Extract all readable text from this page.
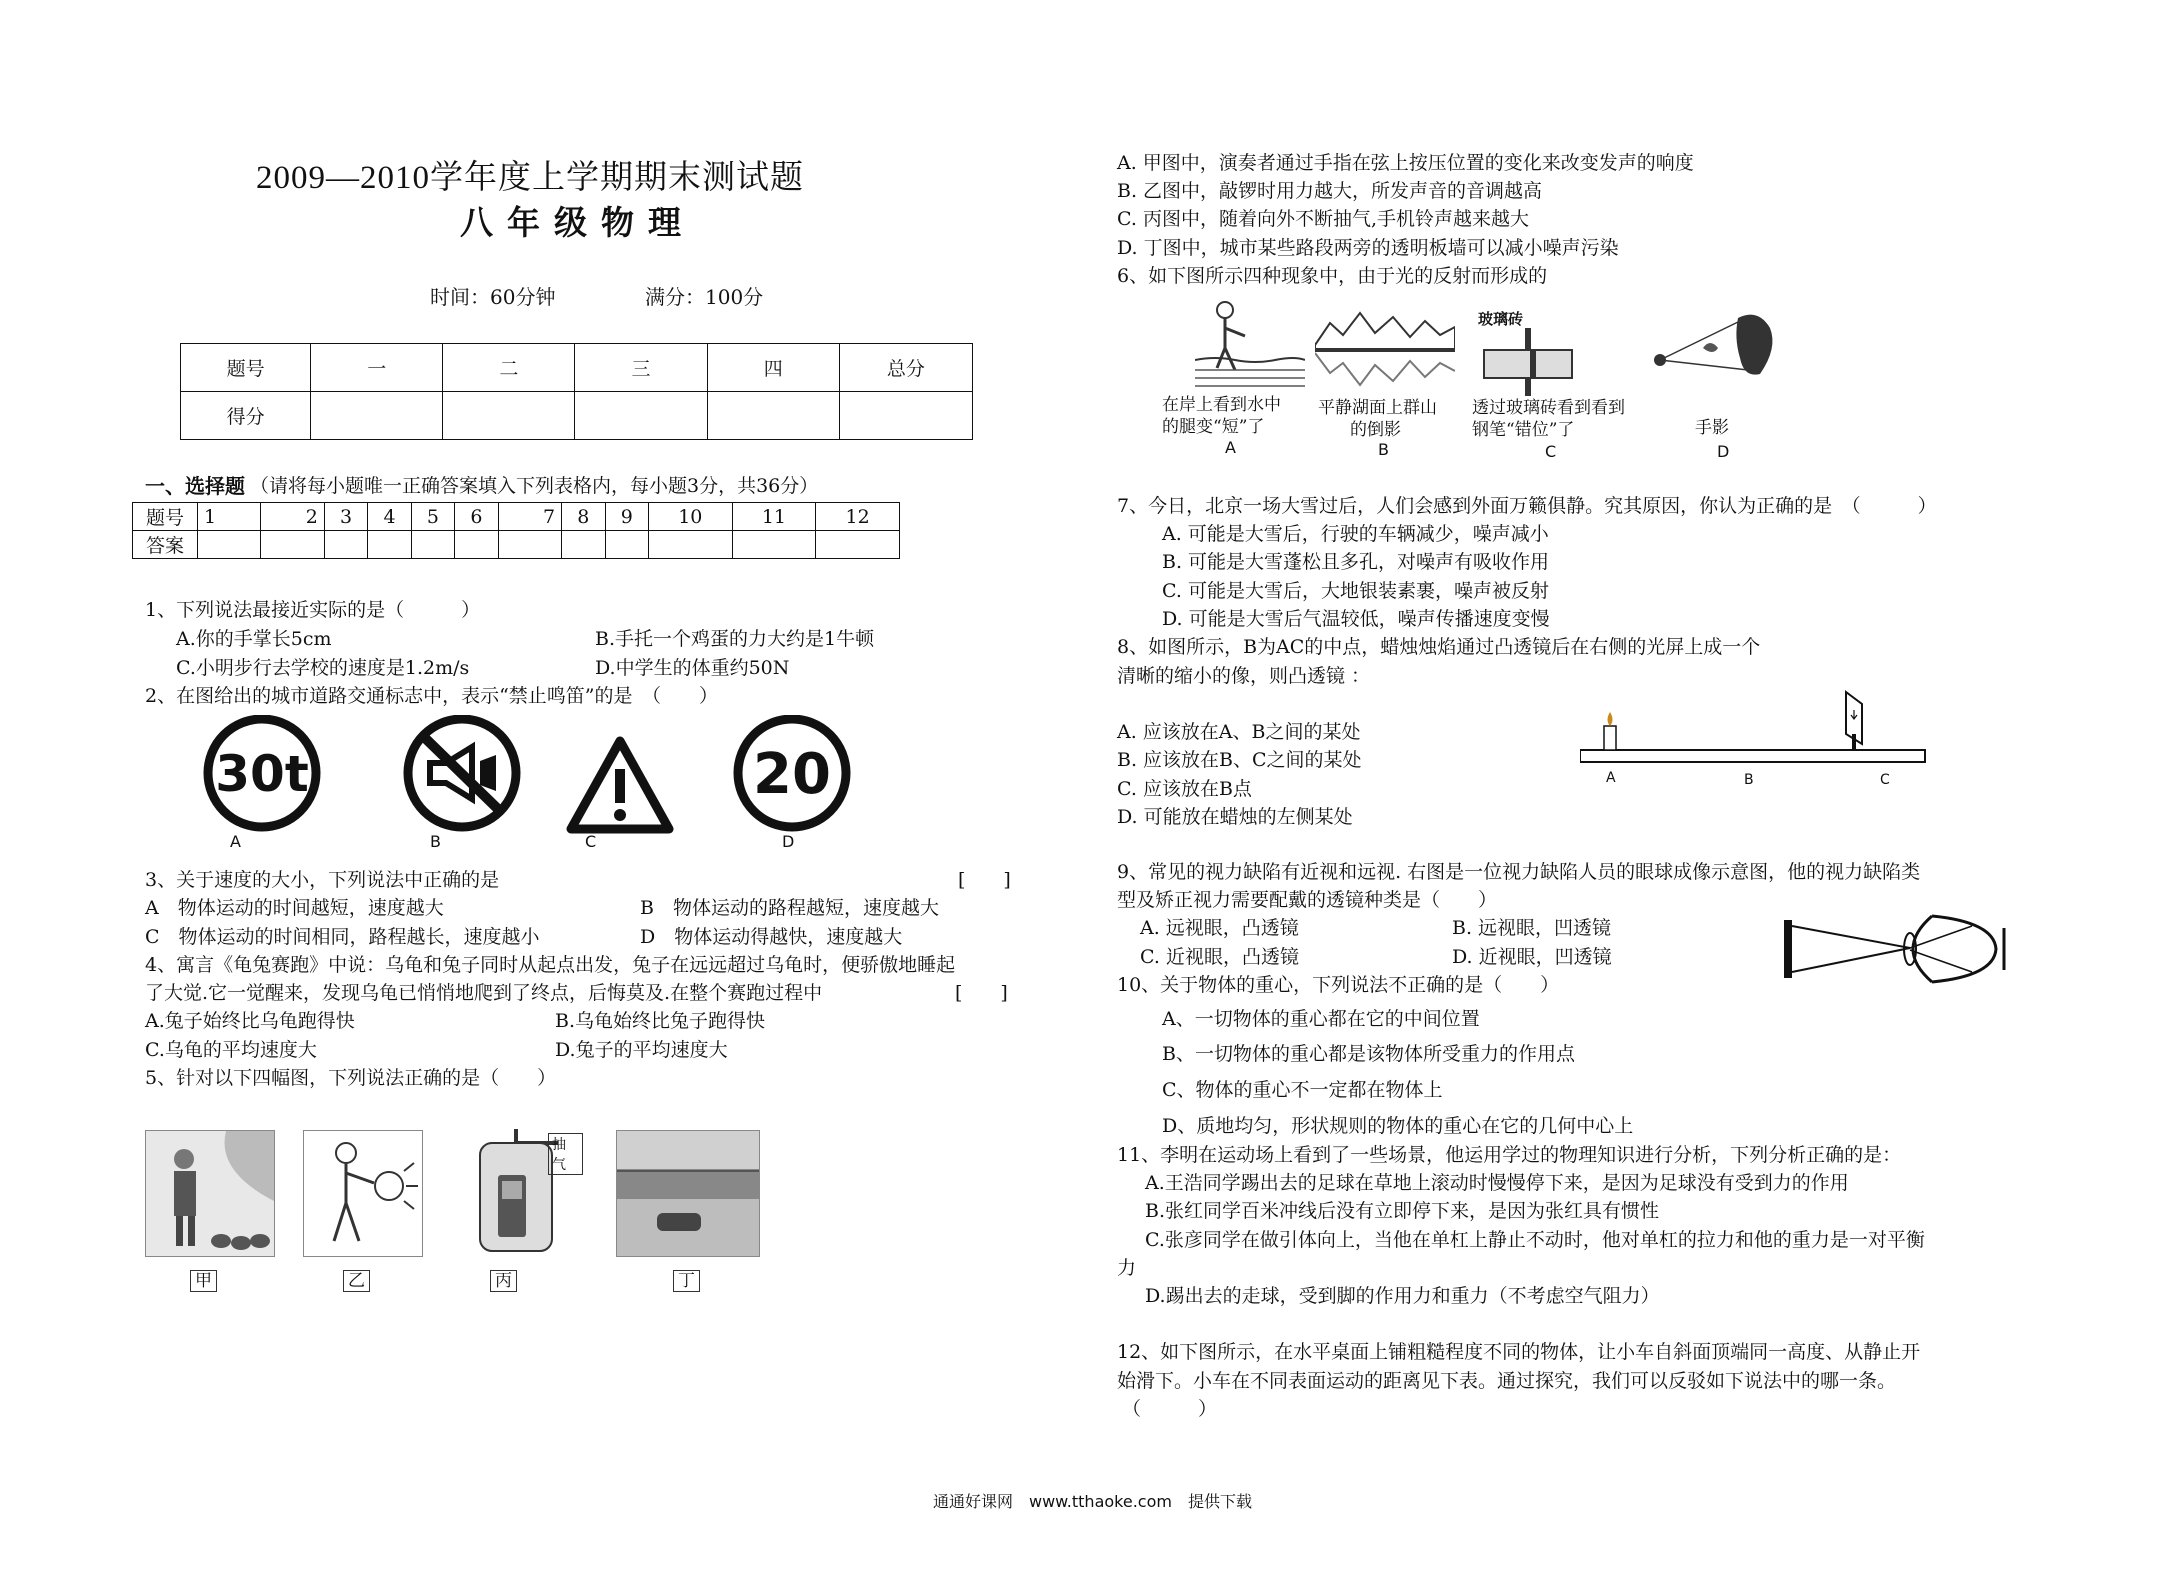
2009—2010学年度上学期期末测试题
八年级物理
时间：60分钟	满分：100分
题号	一	二	三	四	总分
得分					
一、选择题 （请将每小题唯一正确答案填入下列表格内，每小题3分，共36分）
题号	1	2	3	4	5	6	7	8	9	10	11	12
答案												
1、下列说法最接近实际的是（　　　）
A.你的手掌长5cm	B.手托一个鸡蛋的力大约是1牛顿
C.小明步行去学校的速度是1.2m/s	D.中学生的体重约50N
2、在图给出的城市道路交通标志中，表示“禁止鸣笛”的是　（　　）
30t	20
A	B	C	D
3、关于速度的大小，下列说法中正确的是	[　　]
A　物体运动的时间越短，速度越大	B　物体运动的路程越短，速度越大
C　物体运动的时间相同，路程越长，速度越小	D　物体运动得越快，速度越大
4、寓言《龟兔赛跑》中说：乌龟和兔子同时从起点出发，兔子在远远超过乌龟时，便骄傲地睡起
了大觉.它一觉醒来，发现乌龟已悄悄地爬到了终点，后悔莫及.在整个赛跑过程中	[　　]
A.兔子始终比乌龟跑得快	B.乌龟始终比兔子跑得快
C.乌龟的平均速度大	D.兔子的平均速度大
5、针对以下四幅图，下列说法正确的是（　　）
抽气
甲	乙	丙	丁
A. 甲图中，演奏者通过手指在弦上按压位置的变化来改变发声的响度
B. 乙图中，敲锣时用力越大，所发声音的音调越高
C. 丙图中，随着向外不断抽气,手机铃声越来越大
D. 丁图中，城市某些路段两旁的透明板墙可以减小噪声污染
6、如下图所示四种现象中，由于光的反射而形成的
玻璃砖
在岸上看到水中
的腿变“短”了
平静湖面上群山
的倒影
透过玻璃砖看到看到
钢笔“错位”了	手影
A	B	C	D
7、今日，北京一场大雪过后，人们会感到外面万籁俱静。究其原因，你认为正确的是　（　　　）
A. 可能是大雪后，行驶的车辆减少，噪声减小
B. 可能是大雪蓬松且多孔，对噪声有吸收作用
C. 可能是大雪后，大地银装素裹，噪声被反射
D. 可能是大雪后气温较低，噪声传播速度变慢
8、如图所示，B为AC的中点，蜡烛烛焰通过凸透镜后在右侧的光屏上成一个
清晰的缩小的像，则凸透镜 ：
A. 应该放在A、B之间的某处
B. 应该放在B、C之间的某处
C. 应该放在B点
D. 可能放在蜡烛的左侧某处
A	B	C
9、常见的视力缺陷有近视和远视. 右图是一位视力缺陷人员的眼球成像示意图，他的视力缺陷类
型及矫正视力需要配戴的透镜种类是（　　）
A. 远视眼，凸透镜	B. 远视眼，凹透镜
C. 近视眼，凸透镜	D. 近视眼，凹透镜
10、关于物体的重心，下列说法不正确的是（　　）
A、一切物体的重心都在它的中间位置
B、一切物体的重心都是该物体所受重力的作用点
C、物体的重心不一定都在物体上
D、质地均匀，形状规则的物体的重心在它的几何中心上
11、李明在运动场上看到了一些场景，他运用学过的物理知识进行分析，下列分析正确的是：
A.王浩同学踢出去的足球在草地上滚动时慢慢停下来，是因为足球没有受到力的作用
B.张红同学百米冲线后没有立即停下来，是因为张红具有惯性
C.张彦同学在做引体向上，当他在单杠上静止不动时，他对单杠的拉力和他的重力是一对平衡
力
D.踢出去的走球，受到脚的作用力和重力（不考虑空气阻力）
12、如下图所示，在水平桌面上铺粗糙程度不同的物体，让小车自斜面顶端同一高度、从静止开
始滑下。小车在不同表面运动的距离见下表。通过探究，我们可以反驳如下说法中的哪一条。
（　　　）
通通好课网　www.tthaoke.com　提供下载
